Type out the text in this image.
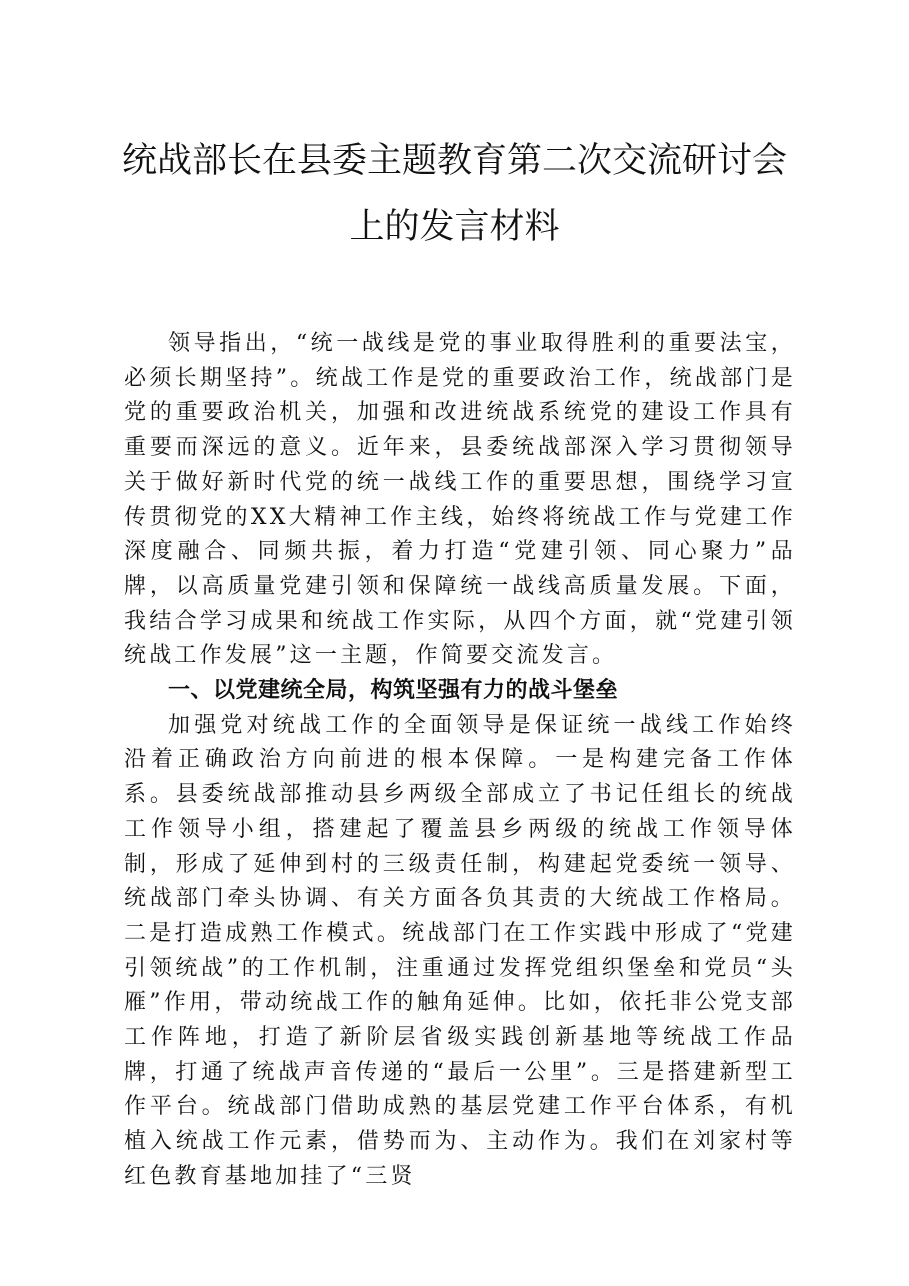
统战部长在县委主题教育第二次交流研讨会上的发言材料

领导指出，“统一战线是党的事业取得胜利的重要法宝，必须长期坚持”。统战工作是党的重要政治工作，统战部门是党的重要政治机关，加强和改进统战系统党的建设工作具有重要而深远的意义。近年来，县委统战部深入学习贯彻领导关于做好新时代党的统一战线工作的重要思想，围绕学习宣传贯彻党的XX大精神工作主线，始终将统战工作与党建工作深度融合、同频共振，着力打造“党建引领、同心聚力”品牌，以高质量党建引领和保障统一战线高质量发展。下面，我结合学习成果和统战工作实际，从四个方面，就“党建引领统战工作发展”这一主题，作简要交流发言。

一、以党建统全局，构筑坚强有力的战斗堡垒

加强党对统战工作的全面领导是保证统一战线工作始终沿着正确政治方向前进的根本保障。一是构建完备工作体系。县委统战部推动县乡两级全部成立了书记任组长的统战工作领导小组，搭建起了覆盖县乡两级的统战工作领导体制，形成了延伸到村的三级责任制，构建起党委统一领导、统战部门牵头协调、有关方面各负其责的大统战工作格局。二是打造成熟工作模式。统战部门在工作实践中形成了“党建引领统战”的工作机制，注重通过发挥党组织堡垒和党员“头雁”作用，带动统战工作的触角延伸。比如，依托非公党支部工作阵地，打造了新阶层省级实践创新基地等统战工作品牌，打通了统战声音传递的“最后一公里”。三是搭建新型工作平台。统战部门借助成熟的基层党建工作平台体系，有机植入统战工作元素，借势而为、主动作为。我们在刘家村等红色教育基地加挂了“三贤
